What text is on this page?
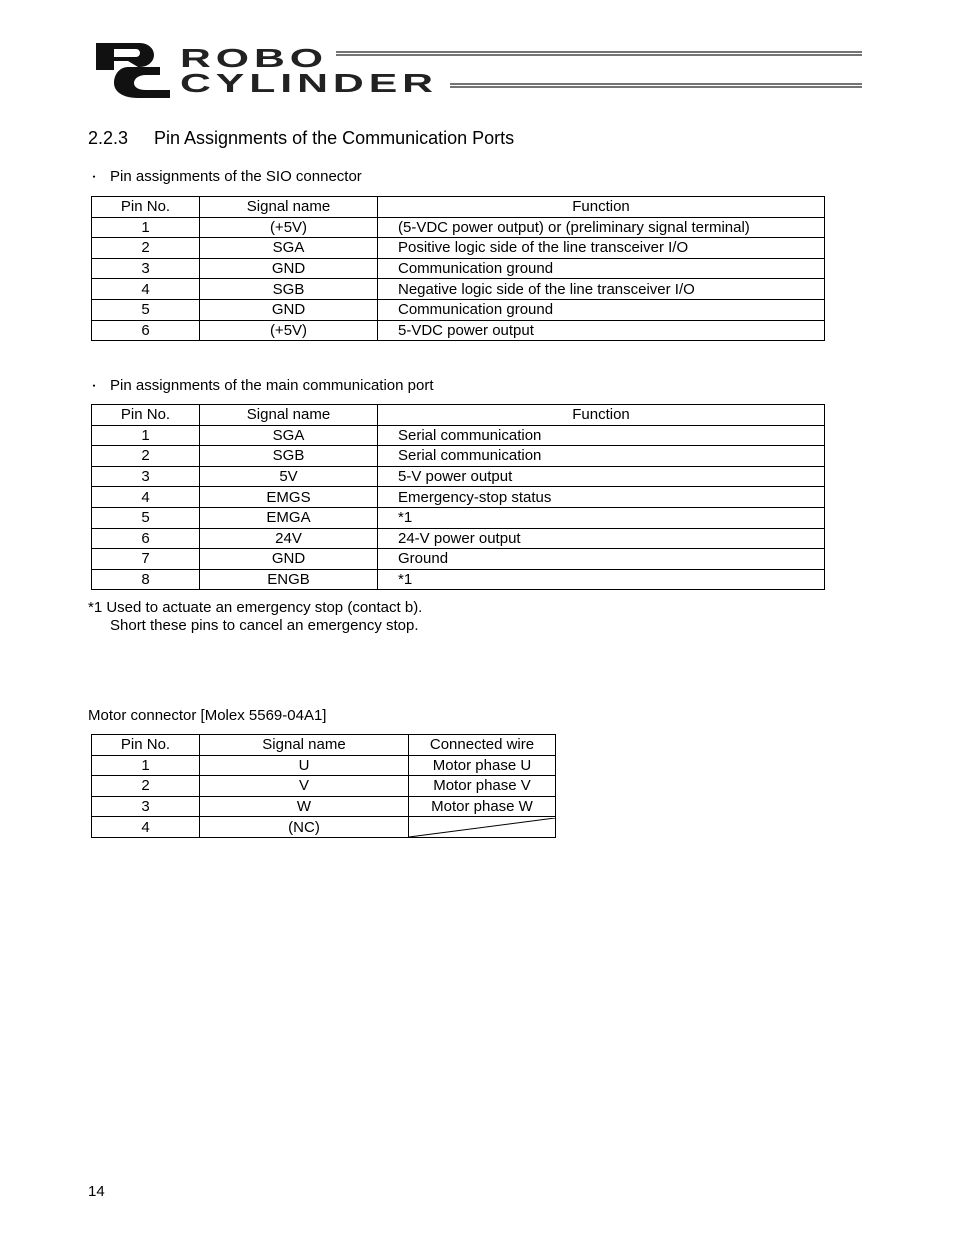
ROBO
CYLINDER
2.2.3 Pin Assignments of the Communication Ports
・ Pin assignments of the SIO connector
Pin No.	Signal name	Function
1	(+5V)	(5-VDC power output) or (preliminary signal terminal)
2	SGA	Positive logic side of the line transceiver I/O
3	GND	Communication ground
4	SGB	Negative logic side of the line transceiver I/O
5	GND	Communication ground
6	(+5V)	5-VDC power output
・ Pin assignments of the main communication port
Pin No.	Signal name	Function
1	SGA	Serial communication
2	SGB	Serial communication
3	5V	5-V power output
4	EMGS	Emergency-stop status
5	EMGA	*1
6	24V	24-V power output
7	GND	Ground
8	ENGB	*1
*1 Used to actuate an emergency stop (contact b).
Short these pins to cancel an emergency stop.
Motor connector [Molex 5569-04A1]
Pin No.	Signal name	Connected wire
1	U	Motor phase U
2	V	Motor phase V
3	W	Motor phase W
4	(NC)	
14
